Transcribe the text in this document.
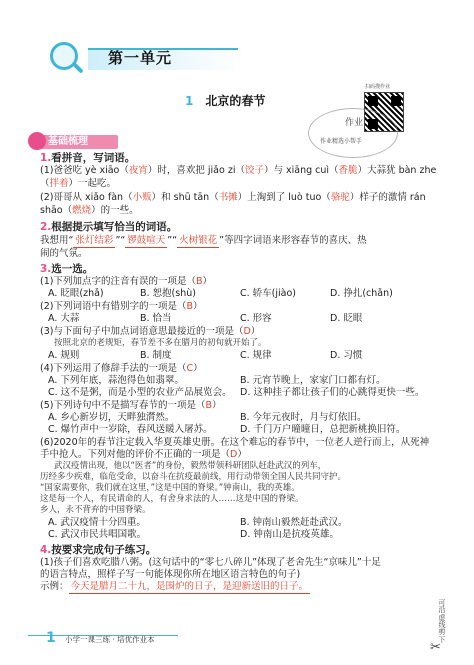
第一单元
1 北京的春节
扫码搜作业
作业
作业精选小帮手
基础梳理
1.看拼音，写词语。
(1)爸爸吃 yè xiāo（夜宵）时，喜欢把 jiǎo zi（饺子）与 xiāng cuì（香脆）大蒜犹 bàn zhe
（拌着）一起吃。
(2)哥哥从 xiǎo fàn（小贩）和 shū tān（书摊）上淘到了 luò tuo（骆驼）样子的激情 rán
shāo（燃烧）的一些。
2.根据提示填写恰当的词语。
我想用“ 张灯结彩 ”“ 锣鼓喧天 ”“ 火树银花 ”等四字词语来形容春节的喜庆、热
闹的气氛。
3.选一选。
(1)下列加点字的注音有误的一项是（B）
A. 眨眼(zhǎ)	B. 恕抱(shù)	C. 轿车(jiào)	D. 挣扎(chǎn)
(2)下列词语中有错别字的一项是（B）
A. 大蒜	B. 恰当	C. 形容	D. 眨眼
(3)与下面句子中加点词语意思最接近的一项是（D）
按照北京的老规矩，春节差不多在腊月的初旬就开始了。
A. 规则	B. 制度	C. 规律	D. 习惯
(4)下列运用了修辞手法的一项是（C）
A. 下列年底，蒜泡得色如翡翠。	B. 元宵节晚上，家家门口都有灯。
C. 这不是粥，而是小型的农业产品展览会。 D. 这种挂子都让孩子们的心跳得更快一些。
(5)下列诗句中不是描写春节的一项是（B）
A. 乡心新岁切，天畔独潸然。	B. 今年元夜时，月与灯依旧。
C. 爆竹声中一岁除，春风送暖入屠苏。	D. 千门万户曈曈日，总把新桃换旧符。
(6)2020年的春节注定载入华夏英雄史册。在这个难忘的春节中，一位老人逆行而上，从死神
手中抢人。下列对他的评价不正确的一项是（D）
武汉疫情出现，他以“医者”的身份，毅然带领科研团队赶赴武汉的列车，
历经多少疾难，临危受命，以奋斗在抗疫最前线，用行动带领全国人民共同守护。
“国家需要你，我们就在这里，”这是中国的脊梁。”钟南山，我的英雄。
这是每一个人，有民请命的人，有舍身求法的人……这是中国的脊梁。
乡人，永不背弃的中国脊梁。
A. 武汉疫情十分四重。	B. 钟南山毅然赶赴武汉。
C. 武汉市民共唱国歌。	D. 钟南山是抗疫英雄。
4.按要求完成句子练习。
(1)孩子们喜欢吃腊八粥。(这句话中的“零七八碎儿”体现了老舍先生“京味儿”十足
的语言特点，照样子写一句能体现你所在地区语言特色的句子)
示例： 今天是腊月二十九，是围炉的日子，是迎新送旧的日子。
可沿虚线剪下
✂
1 小学一课三练 · 培优作业本
